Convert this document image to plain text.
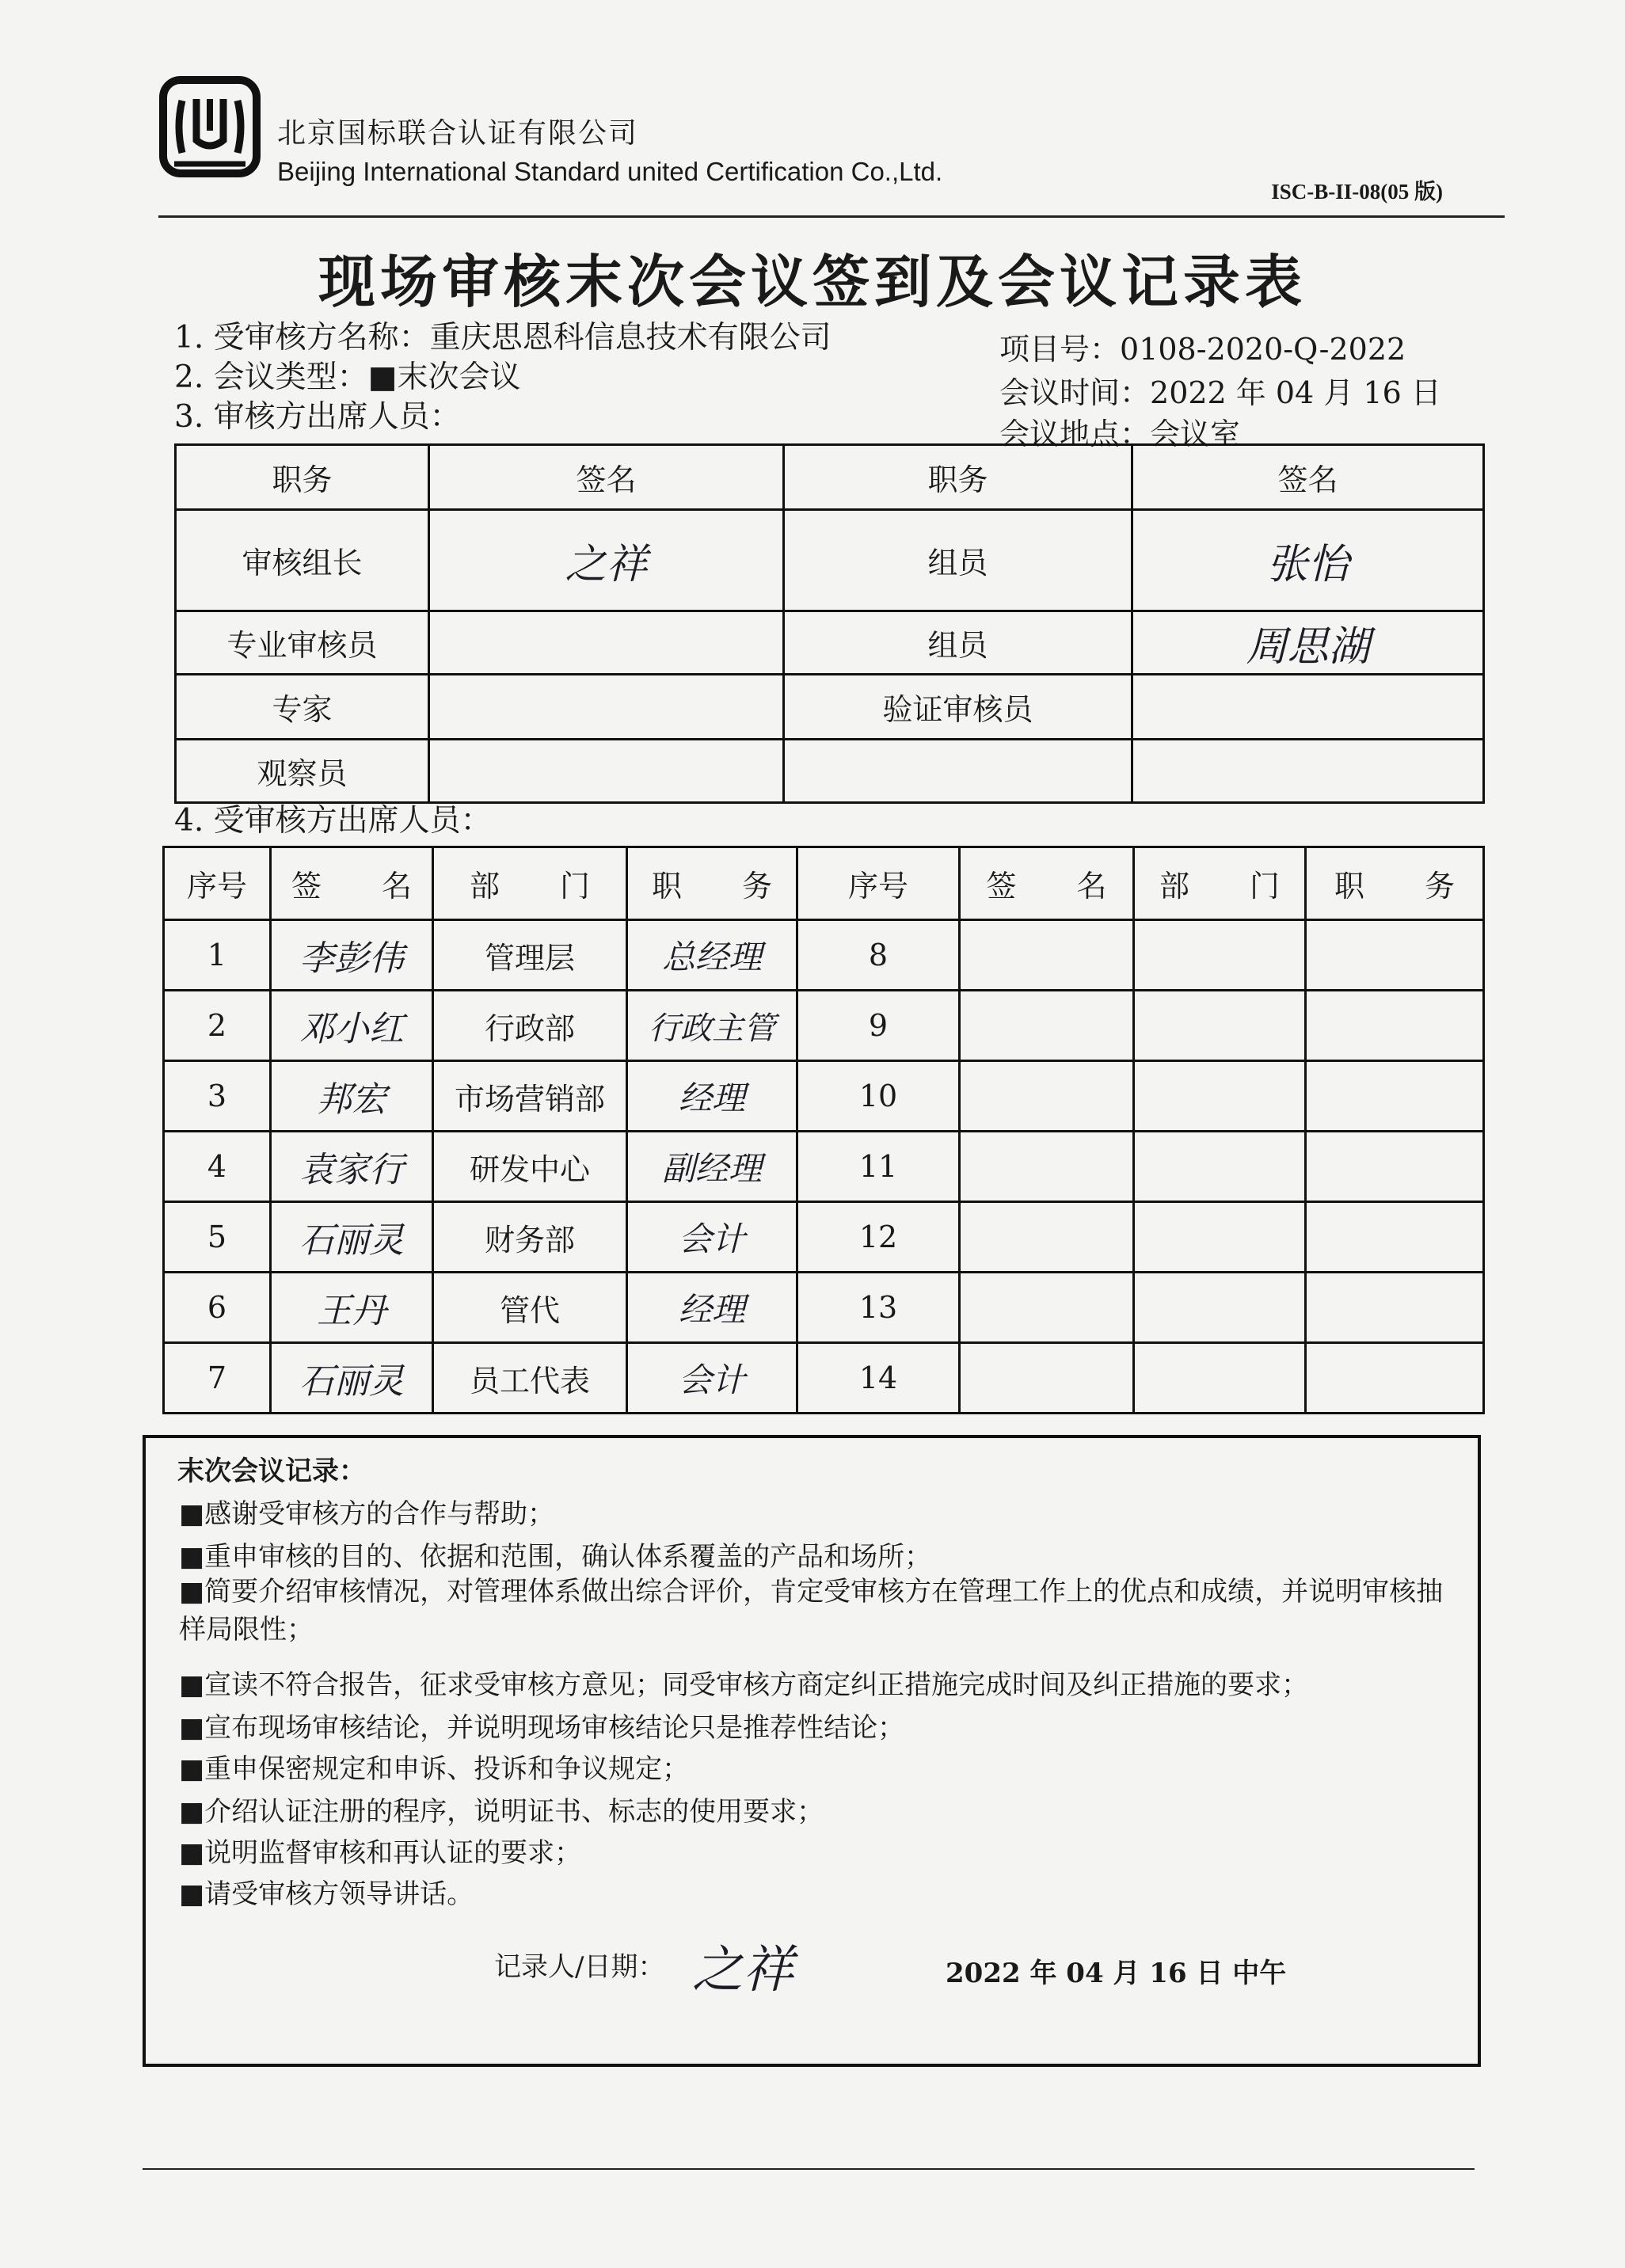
北京国标联合认证有限公司
Beijing International Standard united Certification Co.,Ltd.
ISC-B-II-08(05 版)
现场审核末次会议签到及会议记录表
1. 受审核方名称：重庆思恩科信息技术有限公司
2. 会议类型：■末次会议
3. 审核方出席人员：
项目号：0108-2020-Q-2022
会议时间：2022 年 04 月 16 日
会议地点：会议室
职务	签名	职务	签名
审核组长	之祥	组员	张怡
专业审核员		组员	周思湖
专家		验证审核员	
观察员			
4. 受审核方出席人员：
序号	签　　名	部　　门	职　　务	序号	签　　名	部　　门	职　　务
1	李彭伟	管理层	总经理	8			
2	邓小红	行政部	行政主管	9			
3	邦宏	市场营销部	经理	10			
4	袁家行	研发中心	副经理	11			
5	石丽灵	财务部	会计	12			
6	王丹	管代	经理	13			
7	石丽灵	员工代表	会计	14			
末次会议记录：
■感谢受审核方的合作与帮助；
■重申审核的目的、依据和范围，确认体系覆盖的产品和场所；
■简要介绍审核情况，对管理体系做出综合评价，肯定受审核方在管理工作上的优点和成绩，并说明审核抽样局限性；
■宣读不符合报告，征求受审核方意见；同受审核方商定纠正措施完成时间及纠正措施的要求；
■宣布现场审核结论，并说明现场审核结论只是推荐性结论；
■重申保密规定和申诉、投诉和争议规定；
■介绍认证注册的程序，说明证书、标志的使用要求；
■说明监督审核和再认证的要求；
■请受审核方领导讲话。
记录人/日期： 之祥	2022 年 04 月 16 日 中午
